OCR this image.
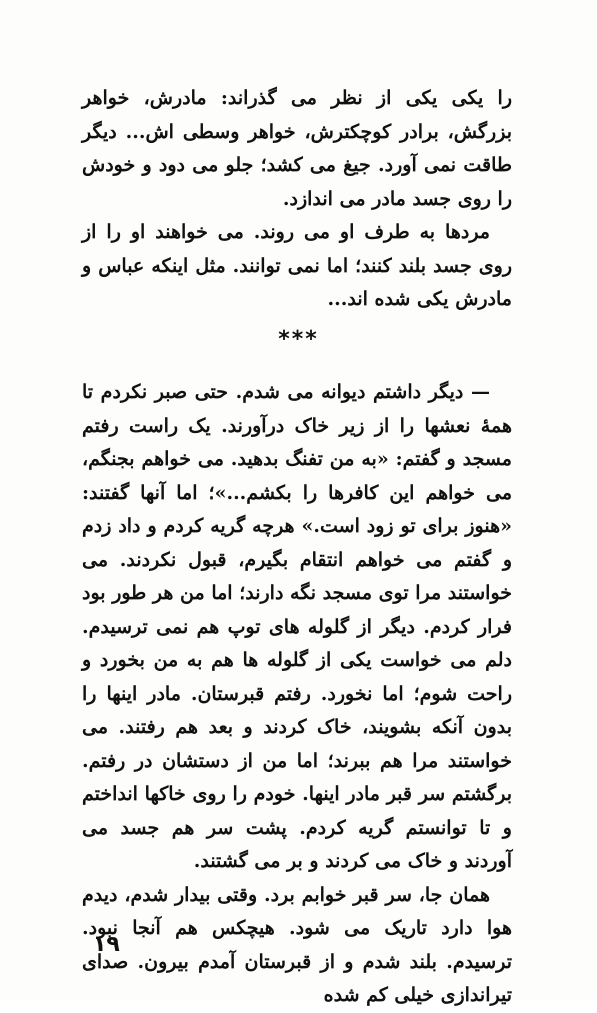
را یکی یکی از نظر می گذراند: مادرش، خواهر بزرگش، برادر کوچکترش، خواهر وسطی اش... دیگر طاقت نمی آورد. جیغ می کشد؛ جلو می دود و خودش را روی جسد مادر می اندازد.

مردها به طرف او می روند. می خواهند او را از روی جسد بلند کنند؛ اما نمی توانند. مثل اینکه عباس و مادرش یکی شده اند...

***

— دیگر داشتم دیوانه می شدم. حتی صبر نکردم تا همهٔ نعشها را از زیر خاک درآورند. یک راست رفتم مسجد و گفتم: «به من تفنگ بدهید. می خواهم بجنگم، می خواهم این کافرها را بکشم...»؛ اما آنها گفتند: «هنوز برای تو زود است.» هرچه گریه کردم و داد زدم و گفتم می خواهم انتقام بگیرم، قبول نکردند. می خواستند مرا توی مسجد نگه دارند؛ اما من هر طور بود فرار کردم. دیگر از گلوله های توپ هم نمی ترسیدم. دلم می خواست یکی از گلوله ها هم به من بخورد و راحت شوم؛ اما نخورد. رفتم قبرستان. مادر اینها را بدون آنکه بشویند، خاک کردند و بعد هم رفتند. می خواستند مرا هم ببرند؛ اما من از دستشان در رفتم. برگشتم سر قبر مادر اینها. خودم را روی خاکها انداختم و تا توانستم گریه کردم. پشت سر هم جسد می آوردند و خاک می کردند و بر می گشتند.

همان جا، سر قبر خوابم برد. وقتی بیدار شدم، دیدم هوا دارد تاریک می شود. هیچکس هم آنجا نبود. ترسیدم. بلند شدم و از قبرستان آمدم بیرون. صدای تیراندازی خیلی کم شده

۱۹
